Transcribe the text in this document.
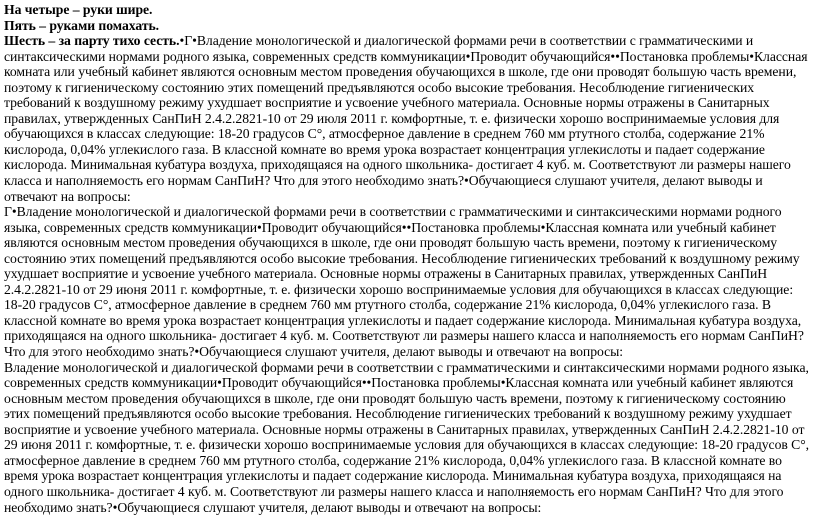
На четыре – руки шире.

Пять – руками помахать.

Шесть – за парту тихо сесть.•Г•Владение монологической и диалогической формами речи в соответствии с грамматическими и синтаксическими нормами родного языка, современных средств коммуникации•Проводит обучающийся••Постановка проблемы•Классная комната или учебный кабинет являются основным местом проведения обучающихся в школе, где они проводят большую часть времени, поэтому к гигиеническому состоянию этих помещений предъявляются особо высокие требования. Несоблюдение гигиенических требований к воздушному режиму ухудшает восприятие и усвоение учебного материала. Основные нормы отражены в Санитарных правилах, утвержденных СанПиН 2.4.2.2821-10 от 29 июля 2011 г. комфортные, т. е. физически хорошо воспринимаемые условия для обучающихся в классах следующие: 18-20 градусов С°, атмосферное давление в среднем 760 мм ртутного столба, содержание 21% кислорода, 0,04% углекислого газа. В классной комнате во время урока возрастает концентрация углекислоты и падает содержание кислорода. Минимальная кубатура воздуха, приходящаяся на одного школьника- достигает 4 куб. м. Соответствуют ли размеры нашего класса и наполняемость его нормам СанПиН? Что для этого необходимо знать?•Обучающиеся слушают учителя, делают выводы и отвечают на вопросы:

Г•Владение монологической и диалогической формами речи в соответствии с грамматическими и синтаксическими нормами родного языка, современных средств коммуникации•Проводит обучающийся••Постановка проблемы•Классная комната или учебный кабинет являются основным местом проведения обучающихся в школе, где они проводят большую часть времени, поэтому к гигиеническому состоянию этих помещений предъявляются особо высокие требования. Несоблюдение гигиенических требований к воздушному режиму ухудшает восприятие и усвоение учебного материала. Основные нормы отражены в Санитарных правилах, утвержденных СанПиН 2.4.2.2821-10 от 29 июня 2011 г. комфортные, т. е. физически хорошо воспринимаемые условия для обучающихся в классах следующие: 18-20 градусов С°, атмосферное давление в среднем 760 мм ртутного столба, содержание 21% кислорода, 0,04% углекислого газа. В классной комнате во время урока возрастает концентрация углекислоты и падает содержание кислорода. Минимальная кубатура воздуха, приходящаяся на одного школьника- достигает 4 куб. м. Соответствуют ли размеры нашего класса и наполняемость его нормам СанПиН? Что для этого необходимо знать?•Обучающиеся слушают учителя, делают выводы и отвечают на вопросы:

Владение монологической и диалогической формами речи в соответствии с грамматическими и синтаксическими нормами родного языка, современных средств коммуникации•Проводит обучающийся••Постановка проблемы•Классная комната или учебный кабинет являются основным местом проведения обучающихся в школе, где они проводят большую часть времени, поэтому к гигиеническому состоянию этих помещений предъявляются особо высокие требования. Несоблюдение гигиенических требований к воздушному режиму ухудшает восприятие и усвоение учебного материала. Основные нормы отражены в Санитарных правилах, утвержденных СанПиН 2.4.2.2821-10 от 29 июня 2011 г. комфортные, т. е. физически хорошо воспринимаемые условия для обучающихся в классах следующие: 18-20 градусов С°, атмосферное давление в среднем 760 мм ртутного столба, содержание 21% кислорода, 0,04% углекислого газа. В классной комнате во время урока возрастает концентрация углекислоты и падает содержание кислорода. Минимальная кубатура воздуха, приходящаяся на одного школьника- достигает 4 куб. м. Соответствуют ли размеры нашего класса и наполняемость его нормам СанПиН? Что для этого необходимо знать?•Обучающиеся слушают учителя, делают выводы и отвечают на вопросы:
